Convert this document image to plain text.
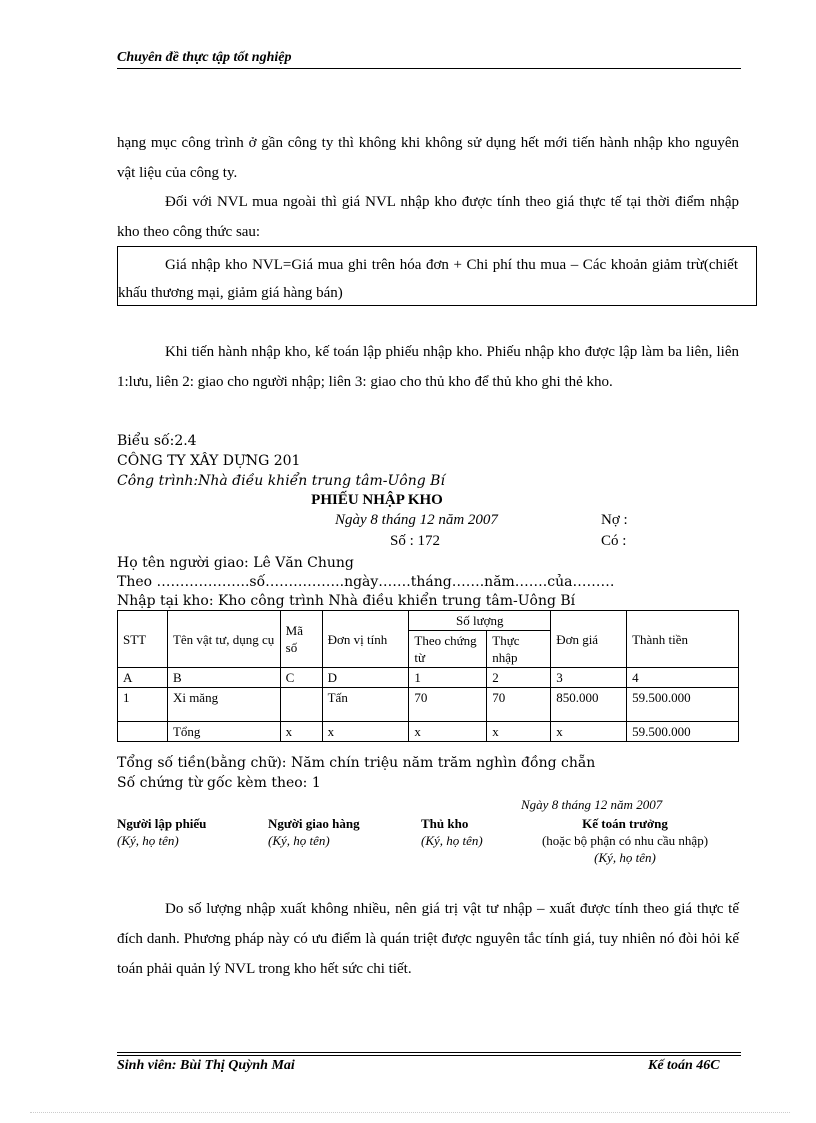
Chuyên đề thực tập tốt nghiệp
hạng mục công trình ở gần công ty thì không khi không sử dụng hết mới tiến hành nhập kho nguyên vật liệu của công ty.
Đối với NVL mua ngoài thì giá NVL nhập kho được tính theo giá thực tế tại thời điểm nhập kho theo công thức sau:
Giá nhập kho NVL=Giá mua ghi trên hóa đơn + Chi phí thu mua – Các khoản giảm trừ(chiết khấu thương mại, giảm giá hàng bán)
Khi tiến hành nhập kho, kế toán lập phiếu nhập kho. Phiếu nhập kho được lập làm ba liên, liên 1:lưu, liên 2: giao cho người nhập; liên 3: giao cho thủ kho để thủ kho ghi thẻ kho.
Biểu số:2.4
CÔNG TY XÂY DỰNG 201
Công trình:Nhà điều khiển trung tâm-Uông Bí
PHIẾU NHẬP KHO
Ngày 8 tháng 12 năm 2007
Số : 172
Nợ :
Có :
Họ tên người giao: Lê Văn Chung
Theo ………………..số……………..ngày…….tháng…….năm…….của………
Nhập tại kho: Kho công trình Nhà điều khiển trung tâm-Uông Bí
STT	Tên vật tư, dụng cụ	Mã số	Đơn vị tính	Số lượng		Đơn giá	Thành tiền
				Theo chứng từ	Thực nhập		
A	B	C	D	1	2	3	4
1	Xi măng		Tấn	70	70	850.000	59.500.000
	Tổng	x	x	x	x	x	59.500.000
Tổng số tiền(bằng chữ): Năm chín triệu năm trăm nghìn đồng chẵn
Số chứng từ gốc kèm theo: 1
Ngày 8 tháng 12 năm 2007
Người lập phiếu
(Ký, họ tên)
Người giao hàng
(Ký, họ tên)
Thủ kho
(Ký, họ tên)
Kế toán trưởng
(hoặc bộ phận có nhu cầu nhập)
(Ký, họ tên)
Do số lượng nhập xuất không nhiều, nên giá trị vật tư nhập – xuất được tính theo giá thực tế đích danh. Phương pháp này có ưu điểm là quán triệt được nguyên tắc tính giá, tuy nhiên nó đòi hỏi kế toán phải quản lý NVL trong kho hết sức chi tiết.
Sinh viên: Bùi Thị Quỳnh Mai	Kế toán 46C
